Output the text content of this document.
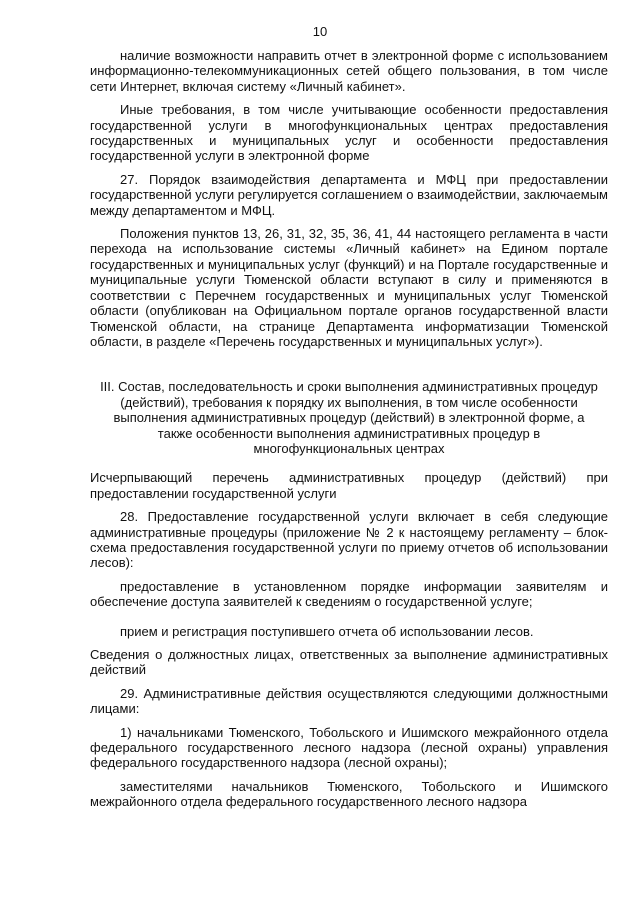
10

наличие возможности направить отчет в электронной форме с использованием информационно-телекоммуникационных сетей общего пользования, в том числе сети Интернет, включая систему «Личный кабинет».

Иные требования, в том числе учитывающие особенности предоставления государственной услуги в многофункциональных центрах предоставления государственных и муниципальных услуг и особенности предоставления государственной услуги в электронной форме

27. Порядок взаимодействия департамента и МФЦ при предоставлении государственной услуги регулируется соглашением о взаимодействии, заключаемым между департаментом и МФЦ.

Положения пунктов 13, 26, 31, 32, 35, 36, 41, 44 настоящего регламента в части перехода на использование системы «Личный кабинет» на Едином портале государственных и муниципальных услуг (функций) и на Портале государственные и муниципальные услуги Тюменской области вступают в силу и применяются в соответствии с Перечнем государственных и муниципальных услуг Тюменской области (опубликован на Официальном портале органов государственной власти Тюменской области, на странице Департамента информатизации Тюменской области, в разделе «Перечень государственных и муниципальных услуг»).

III. Состав, последовательность и сроки выполнения административных процедур (действий), требования к порядку их выполнения, в том числе особенности выполнения административных процедур (действий) в электронной форме, а также особенности выполнения административных процедур в многофункциональных центрах

Исчерпывающий перечень административных процедур (действий) при предоставлении государственной услуги

28. Предоставление государственной услуги включает в себя следующие административные процедуры (приложение № 2 к настоящему регламенту – блок-схема предоставления государственной услуги по приему отчетов об использовании лесов):

предоставление в установленном порядке информации заявителям и обеспечение доступа заявителей к сведениям о государственной услуге;

прием и регистрация поступившего отчета об использовании лесов.

Сведения о должностных лицах, ответственных за выполнение административных действий

29. Административные действия осуществляются следующими должностными лицами:

1) начальниками Тюменского, Тобольского и Ишимского межрайонного отдела федерального государственного лесного надзора (лесной охраны) управления федерального государственного надзора (лесной охраны);

заместителями начальников Тюменского, Тобольского и Ишимского межрайонного отдела федерального государственного лесного надзора
